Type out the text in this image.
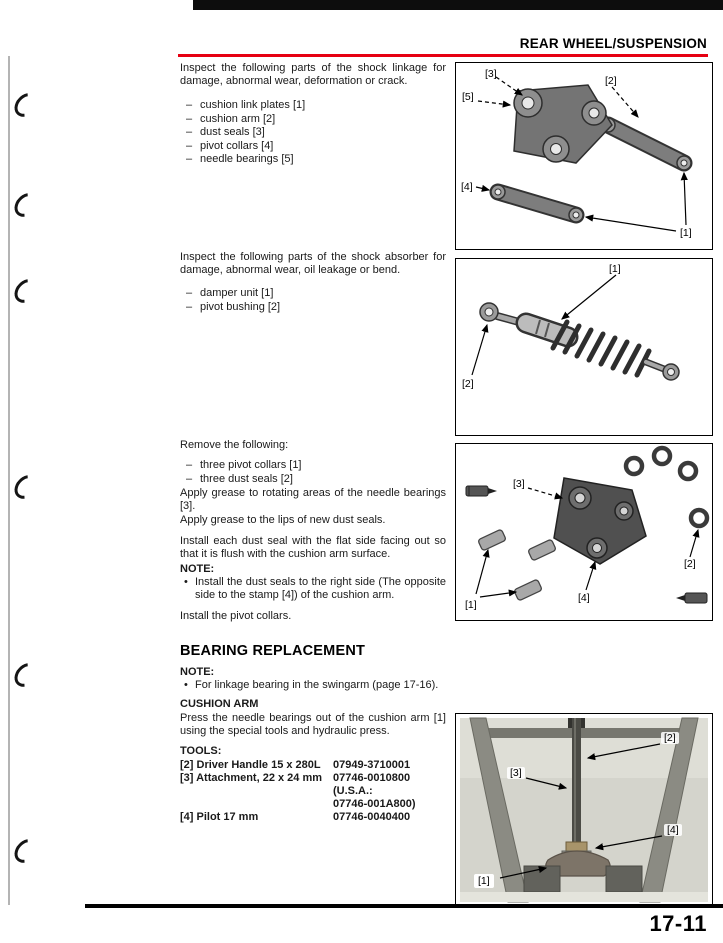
REAR WHEEL/SUSPENSION
Inspect the following parts of the shock linkage for damage, abnormal wear, deformation or crack.
– cushion link plates [1]
– cushion arm [2]
– dust seals [3]
– pivot collars [4]
– needle bearings [5]
[3]
[5]
[2]
[4]
[1]
Inspect the following parts of the shock absorber for damage, abnormal wear, oil leakage or bend.
– damper unit [1]
– pivot bushing [2]
[1]
[2]
Remove the following:
– three pivot collars [1]
– three dust seals [2]
Apply grease to rotating areas of the needle bearings [3].
Apply grease to the lips of new dust seals.
Install each dust seal with the flat side facing out so that it is flush with the cushion arm surface.
NOTE:
• Install the dust seals to the right side (The opposite side to the stamp [4]) of the cushion arm.
Install the pivot collars.
[3]
[2]
[4]
[1]
BEARING REPLACEMENT
NOTE:
• For linkage bearing in the swingarm (page 17-16).
CUSHION ARM
Press the needle bearings out of the cushion arm [1] using the special tools and hydraulic press.
TOOLS:
[2] Driver Handle 15 x 280L	07949-3710001
[3] Attachment, 22 x 24 mm 07746-0010800
(U.S.A.:
07746-001A800)
[4] Pilot 17 mm	07746-0040400
[2]
[3]
[4]
[1]
17-11
